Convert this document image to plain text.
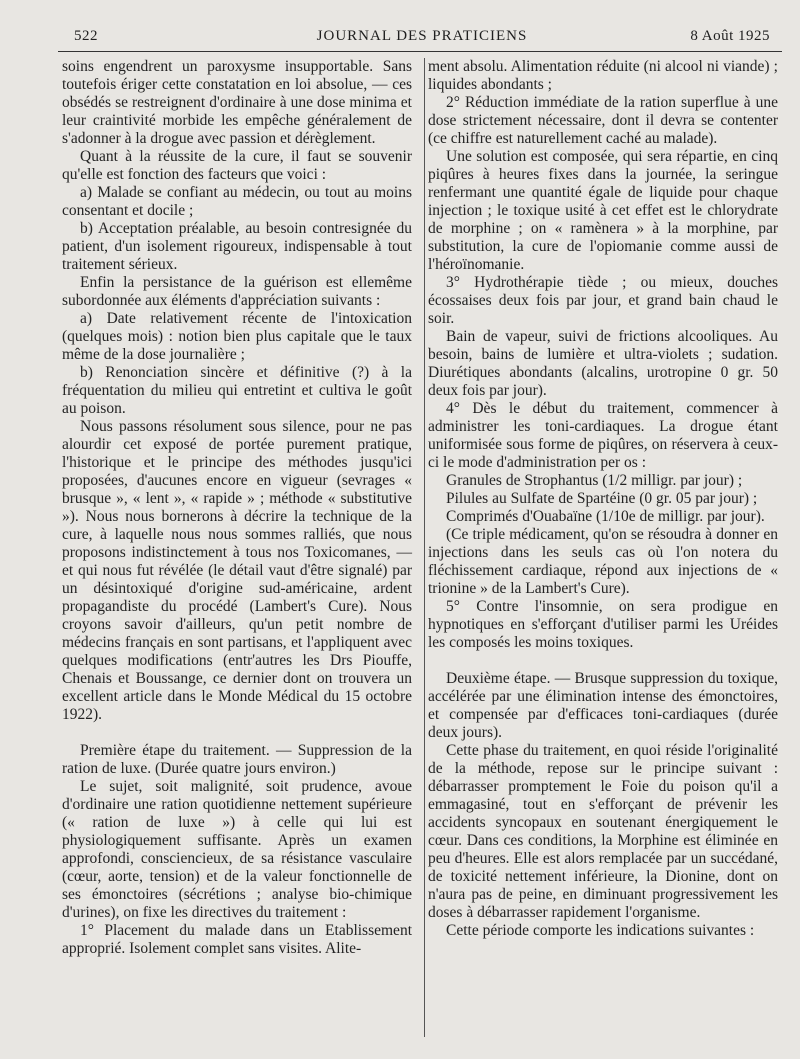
522	JOURNAL DES PRATICIENS	8 Août 1925

soins engendrent un paroxysme insupportable. Sans toutefois ériger cette constatation en loi absolue, — ces obsédés se restreignent d'ordinaire à une dose minima et leur craintivité morbide les empêche généralement de s'adonner à la drogue avec passion et dérèglement.

Quant à la réussite de la cure, il faut se souvenir qu'elle est fonction des facteurs que voici :

a) Malade se confiant au médecin, ou tout au moins consentant et docile ;

b) Acceptation préalable, au besoin contresignée du patient, d'un isolement rigoureux, indispensable à tout traitement sérieux.

Enfin la persistance de la guérison est ellemême subordonnée aux éléments d'appréciation suivants :

a) Date relativement récente de l'intoxication (quelques mois) : notion bien plus capitale que le taux même de la dose journalière ;

b) Renonciation sincère et définitive (?) à la fréquentation du milieu qui entretint et cultiva le goût au poison.

Nous passons résolument sous silence, pour ne pas alourdir cet exposé de portée purement pratique, l'historique et le principe des méthodes jusqu'ici proposées, d'aucunes encore en vigueur (sevrages « brusque », « lent », « rapide » ; méthode « substitutive »). Nous nous bornerons à décrire la technique de la cure, à laquelle nous nous sommes ralliés, que nous proposons indistinctement à tous nos Toxicomanes, — et qui nous fut révélée (le détail vaut d'être signalé) par un désintoxiqué d'origine sud-américaine, ardent propagandiste du procédé (Lambert's Cure). Nous croyons savoir d'ailleurs, qu'un petit nombre de médecins français en sont partisans, et l'appliquent avec quelques modifications (entr'autres les Drs Piouffe, Chenais et Boussange, ce dernier dont on trouvera un excellent article dans le Monde Médical du 15 octobre 1922).

Première étape du traitement. — Suppression de la ration de luxe. (Durée quatre jours environ.)

Le sujet, soit malignité, soit prudence, avoue d'ordinaire une ration quotidienne nettement supérieure (« ration de luxe ») à celle qui lui est physiologiquement suffisante. Après un examen approfondi, consciencieux, de sa résistance vasculaire (cœur, aorte, tension) et de la valeur fonctionnelle de ses émonctoires (sécrétions ; analyse bio-chimique d'urines), on fixe les directives du traitement :

1° Placement du malade dans un Etablissement approprié. Isolement complet sans visites. Alite-

ment absolu. Alimentation réduite (ni alcool ni viande) ; liquides abondants ;

2° Réduction immédiate de la ration superflue à une dose strictement nécessaire, dont il devra se contenter (ce chiffre est naturellement caché au malade).

Une solution est composée, qui sera répartie, en cinq piqûres à heures fixes dans la journée, la seringue renfermant une quantité égale de liquide pour chaque injection ; le toxique usité à cet effet est le chlorydrate de morphine ; on « ramènera » à la morphine, par substitution, la cure de l'opiomanie comme aussi de l'héroïnomanie.

3° Hydrothérapie tiède ; ou mieux, douches écossaises deux fois par jour, et grand bain chaud le soir.

Bain de vapeur, suivi de frictions alcooliques. Au besoin, bains de lumière et ultra-violets ; sudation. Diurétiques abondants (alcalins, urotropine 0 gr. 50 deux fois par jour).

4° Dès le début du traitement, commencer à administrer les toni-cardiaques. La drogue étant uniformisée sous forme de piqûres, on réservera à ceux-ci le mode d'administration per os :

Granules de Strophantus (1/2 milligr. par jour) ;

Pilules au Sulfate de Spartéine (0 gr. 05 par jour) ;

Comprimés d'Ouabaïne (1/10e de milligr. par jour).

(Ce triple médicament, qu'on se résoudra à donner en injections dans les seuls cas où l'on notera du fléchissement cardiaque, répond aux injections de « trionine » de la Lambert's Cure).

5° Contre l'insomnie, on sera prodigue en hypnotiques en s'efforçant d'utiliser parmi les Uréides les composés les moins toxiques.

Deuxième étape. — Brusque suppression du toxique, accélérée par une élimination intense des émonctoires, et compensée par d'efficaces toni-cardiaques (durée deux jours).

Cette phase du traitement, en quoi réside l'originalité de la méthode, repose sur le principe suivant : débarrasser promptement le Foie du poison qu'il a emmagasiné, tout en s'efforçant de prévenir les accidents syncopaux en soutenant énergiquement le cœur. Dans ces conditions, la Morphine est éliminée en peu d'heures. Elle est alors remplacée par un succédané, de toxicité nettement inférieure, la Dionine, dont on n'aura pas de peine, en diminuant progressivement les doses à débarrasser rapidement l'organisme.

Cette période comporte les indications suivantes :
